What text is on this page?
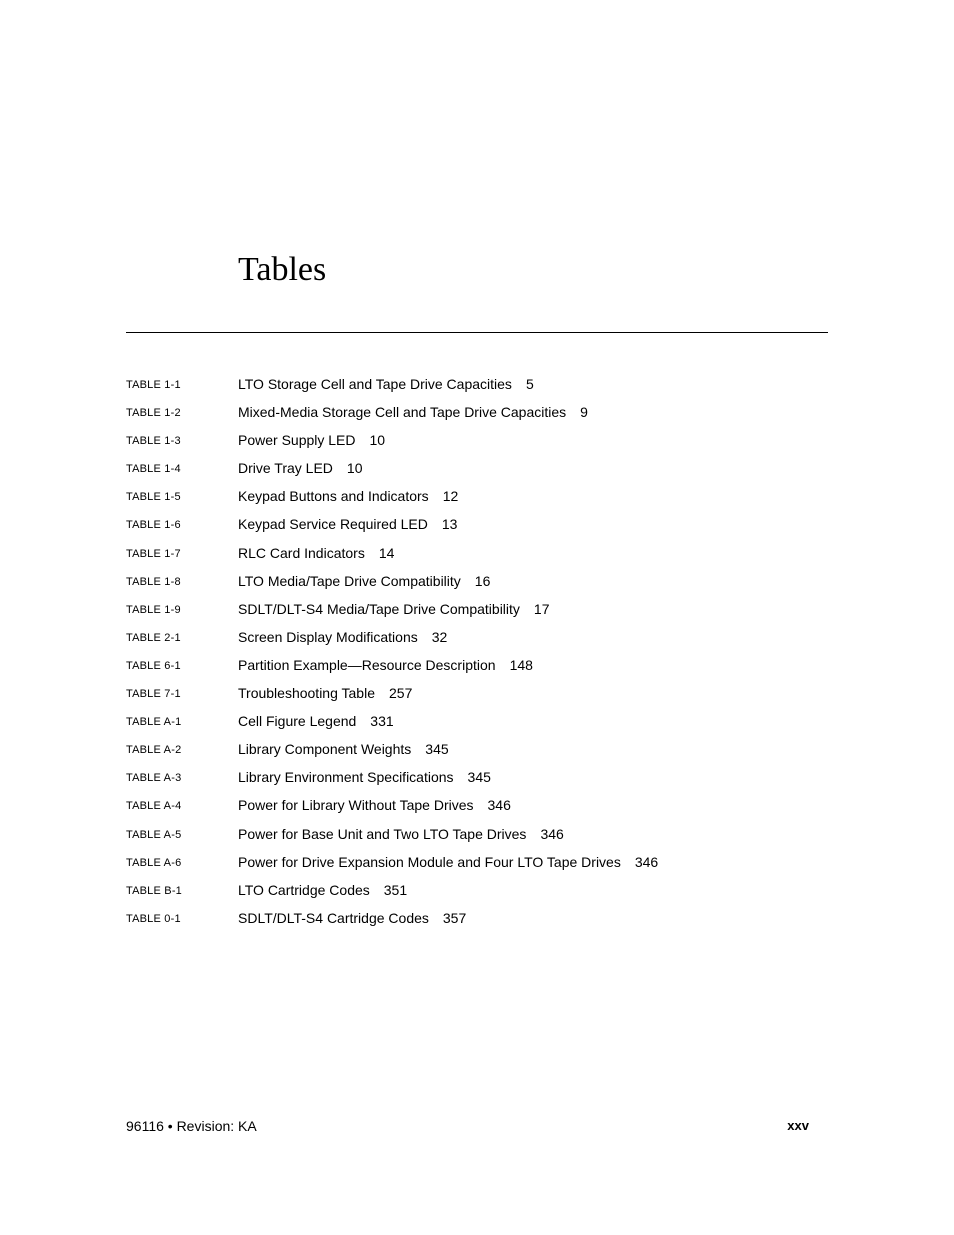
Tables
TABLE 1-1	LTO Storage Cell and Tape Drive Capacities 5
TABLE 1-2	Mixed-Media Storage Cell and Tape Drive Capacities 9
TABLE 1-3	Power Supply LED 10
TABLE 1-4	Drive Tray LED 10
TABLE 1-5	Keypad Buttons and Indicators 12
TABLE 1-6	Keypad Service Required LED 13
TABLE 1-7	RLC Card Indicators 14
TABLE 1-8	LTO Media/Tape Drive Compatibility 16
TABLE 1-9	SDLT/DLT-S4 Media/Tape Drive Compatibility 17
TABLE 2-1	Screen Display Modifications 32
TABLE 6-1	Partition Example—Resource Description 148
TABLE 7-1	Troubleshooting Table 257
TABLE A-1	Cell Figure Legend 331
TABLE A-2	Library Component Weights 345
TABLE A-3	Library Environment Specifications 345
TABLE A-4	Power for Library Without Tape Drives 346
TABLE A-5	Power for Base Unit and Two LTO Tape Drives 346
TABLE A-6	Power for Drive Expansion Module and Four LTO Tape Drives 346
TABLE B-1	LTO Cartridge Codes 351
TABLE 0-1	SDLT/DLT-S4 Cartridge Codes 357
96116 • Revision: KA	xxv
